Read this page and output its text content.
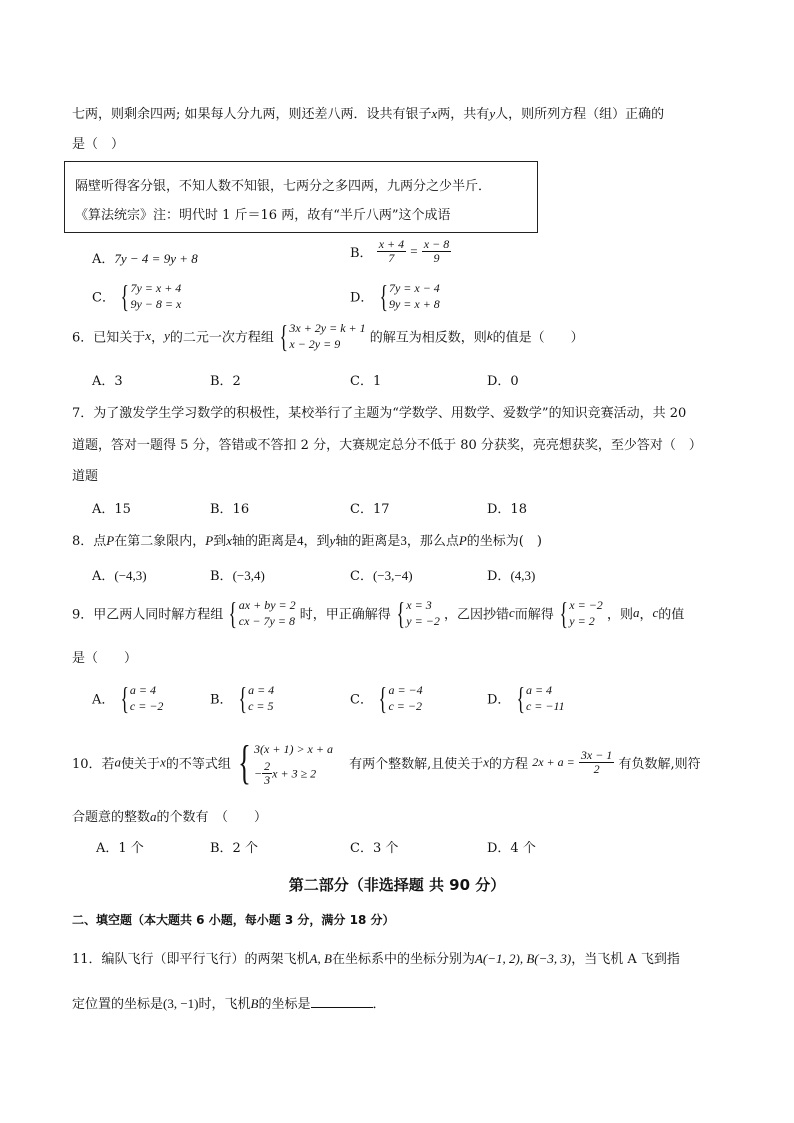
七两，则剩余四两; 如果每人分九两，则还差八两．设共有银子x两，共有y人，则所列方程（组）正确的
是（　）
隔壁听得客分银，不知人数不知银，七两分之多四两，九两分之少半斤．
《算法统宗》注：明代时 1 斤＝16 两，故有“半斤八两”这个成语
A．7y − 4 = 9y + 8	B． $\frac{x + 4}{7} = \frac{x - 8}{9}$
C． { 7y = x + 4
9y − 8 = x	D． { 7y = x − 4
9y = x + 8
6．已知关于x，y的二元一次方程组 { 3x + 2y = k + 1
x − 2y = 9	的解互为相反数，则k的值是（　　）
A．3	B．2	C．1	D．0
7．为了激发学生学习数学的积极性，某校举行了主题为“学数学、用数学、爱数学”的知识竞赛活动，共 20
道题，答对一题得 5 分，答错或不答扣 2 分，大赛规定总分不低于 80 分获奖，亮亮想获奖，至少答对（　）
道题
A．15	B．16	C．17	D．18
8．点P在第二象限内，P到x轴的距离是4，到y轴的距离是3，那么点P的坐标为(　)
A．(−4,3)	B．(−3,4)	C．(−3,−4)	D．(4,3)
9．甲乙两人同时解方程组 { ax + by = 2
cx − 7y = 8 时，甲正确解得 { x = 3
y = −2 ，乙因抄错c而解得 { x = −2
y = 2 ，则a，c的值
是（　　）
A． { a = 4
c = −2	B． { a = 4
c = 5	C． { a = −4
c = −2	D． { a = 4
c = −11
10．若a使关于x的不等式组 { 3(x + 1) > x + a
− $\frac{2}{3}$ x + 3 ≥ 2
有两个整数解,且使关于x的方程 $2x + a = \frac{3x - 1}{2}$ 有负数解,则符
合题意的整数a的个数有　（　　）
A．1 个	B．2 个	C．3 个	D．4 个
第二部分（非选择题 共 90 分）
二、填空题（本大题共 6 小题，每小题 3 分，满分 18 分）
11．编队飞行（即平行飞行）的两架飞机A, B在坐标系中的坐标分别为A(−1, 2), B(−3, 3)，当飞机 A 飞到指
定位置的坐标是(3, −1)时，飞机B的坐标是	．
